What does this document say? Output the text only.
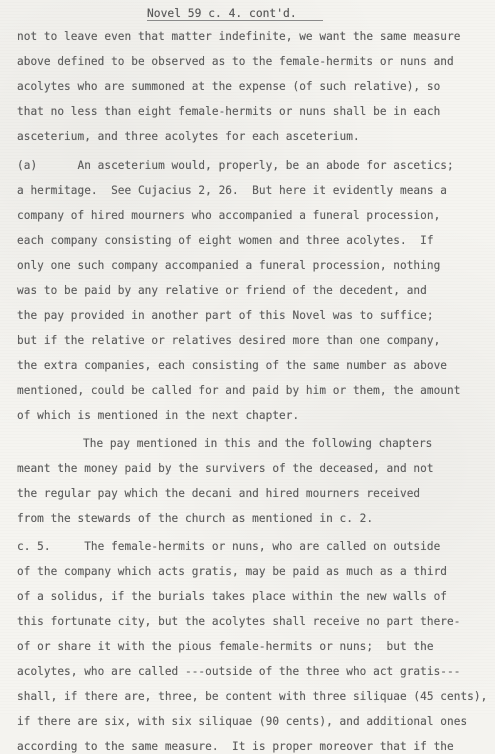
Novel 59 c. 4. cont'd.
not to leave even that matter indefinite, we want the same measure
above defined to be observed as to the female-hermits or nuns and
acolytes who are summoned at the expense (of such relative), so
that no less than eight female-hermits or nuns shall be in each
asceterium, and three acolytes for each asceterium.
(a)      An asceterium would, properly, be an abode for ascetics;
a hermitage.  See Cujacius 2, 26.  But here it evidently means a
company of hired mourners who accompanied a funeral procession,
each company consisting of eight women and three acolytes.  If
only one such company accompanied a funeral procession, nothing
was to be paid by any relative or friend of the decedent, and
the pay provided in another part of this Novel was to suffice;
but if the relative or relatives desired more than one company,
the extra companies, each consisting of the same number as above
mentioned, could be called for and paid by him or them, the amount
of which is mentioned in the next chapter.
The pay mentioned in this and the following chapters
meant the money paid by the survivers of the deceased, and not
the regular pay which the decani and hired mourners received
from the stewards of the church as mentioned in c. 2.
c. 5.     The female-hermits or nuns, who are called on outside
of the company which acts gratis, may be paid as much as a third
of a solidus, if the burials takes place within the new walls of
this fortunate city, but the acolytes shall receive no part there-
of or share it with the pious female-hermits or nuns;  but the
acolytes, who are called ---outside of the three who act gratis---
shall, if there are, three, be content with three siliquae (45 cents),
if there are six, with six siliquae (90 cents), and additional ones
according to the same measure.  It is proper moreover that if the
